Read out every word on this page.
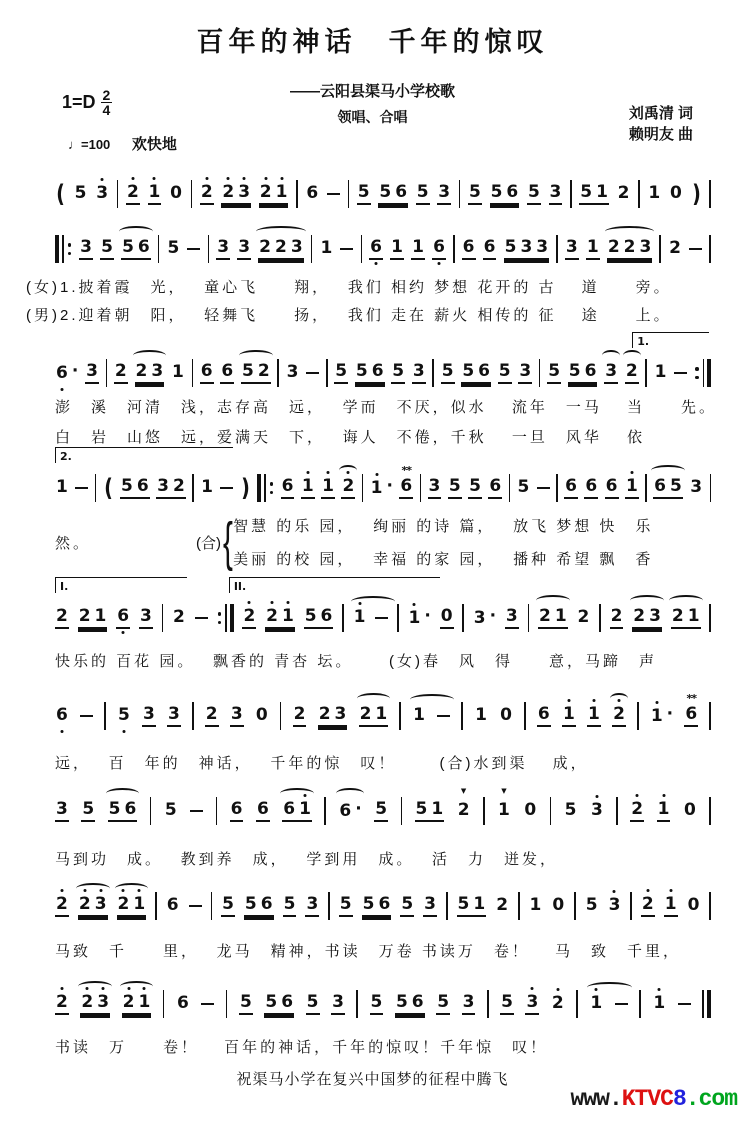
百年的神话　千年的惊叹
——云阳县渠马小学校歌
领唱、合唱
$1=D \frac{2}{4}$
♩=100 欢快地
刘禹清 词
赖明友 曲
( 5 3 2 1 0 2 2 3 2 1 6 5 5 6 5 3 5 5 6 5 3 5 1 2 1 0 )
3 5 5 6 5 3 3 2 2 3 1 6 1 1 6 6 6 5 3 3 3 1 2 2 3 2
1.
6 · 3 2 2 3 1 6 6 5 2 3 5 5 6 5 3 5 5 6 5 3 5 5 6 3 2 1
2.
1 ( 5 6 3 2 1 ) 6 1 1 2 1 · 6
**
3 5 5 6 5 6 6 6 1 6 5 3
I.	II.
2 2 1 6 3 2	2 2 1 5 6 1	1 · 0 3 · 3 2 1 2 2 2 3 2 1
6	5 3 3 2 3 0 2 2 3 2 1 1	1 0 6 1 1 2 1 · 6
**
3 5 5 6 5	6 6 6 1 6 · 5 5 1 2
▼
1
▼
0 5 3 2 1 0
2 2 3 2 1 6	5 5 6 5 3 5 5 6 5 3 5 1 2 1 0 5 3 2 1 0
2 2 3 2 1 6	5 5 6 5 3 5 5 6 5 3 5 3 2 1	1
(女)1.披着霞　光，　 童心飞　　翔，　 我们 相约 梦想 花开的 古　 道　　旁。
(男)2.迎着朝　阳，　 轻舞飞　　扬，　 我们 走在 薪火 相传的 征　 途　　上。
澎　溪　河清　浅，志存高　远，　 学而　不厌，似水　 流年　一马　 当　　先。
白　岩　山悠　远，爱满天　下，　 诲人　不倦，千秋　 一旦　风华　 依
快乐的 百花 园。　 飘香的 青杏 坛。　　 (女)春　风　得　　意，马蹄　声
远，　 百　年的　神话，　 千年的惊　叹！　　 (合)水到渠　 成，
马到功　成。　 教到养　成，　 学到用　成。　 活　力　迸发，
马致　千　　里，　 龙马　精神，书读　万卷 书读万　卷！　 马　致　千里，
书读　万　　卷！　 百年的神话，千年的惊叹！千年惊　叹！
然。	(合) { 智慧 的乐 园，　 绚丽 的诗 篇，　 放飞 梦想 快　乐
美丽 的校 园，　 幸福 的家 园，　 播种 希望 飘　香
祝渠马小学在复兴中国梦的征程中腾飞
www.KTVC8.com
